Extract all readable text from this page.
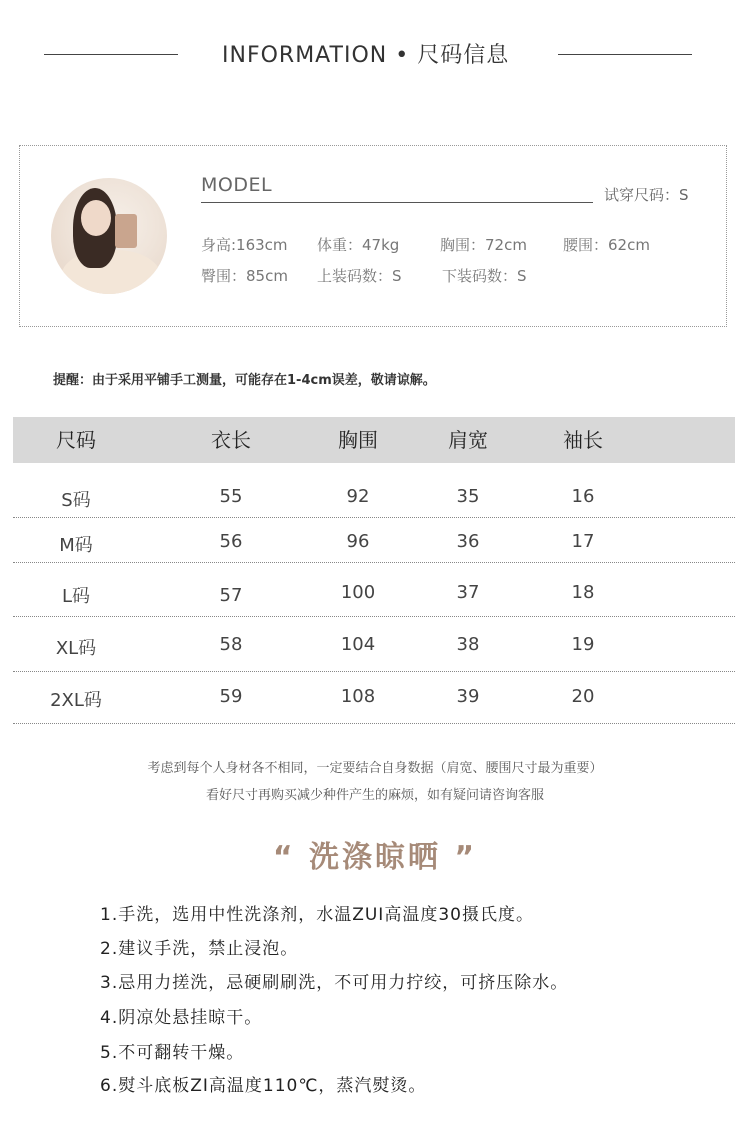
INFORMATION • 尺码信息
MODEL	试穿尺码：S
身高:163cm 体重：47kg	胸围：72cm 腰围：62cm
臀围：85cm 上装码数：S	下装码数：S
提醒：由于采用平铺手工测量，可能存在1-4cm误差，敬请谅解。
尺码	衣长	胸围	肩宽	袖长
S码	55	92	35	16
M码	56	96	36	17
L码	57	100	37	18
XL码	58	104	38	19
2XL码	59	108	39	20
考虑到每个人身材各不相同，一定要结合自身数据（肩宽、腰围尺寸最为重要）
看好尺寸再购买减少种件产生的麻烦，如有疑问请咨询客服
“ 洗涤晾晒 ”
1.手洗，选用中性洗涤剂，水温ZUI高温度30摄氏度。
2.建议手洗，禁止浸泡。
3.忌用力搓洗，忌硬刷刷洗，不可用力拧绞，可挤压除水。
4.阴凉处悬挂晾干。
5.不可翻转干燥。
6.熨斗底板ZI高温度110℃，蒸汽熨烫。
